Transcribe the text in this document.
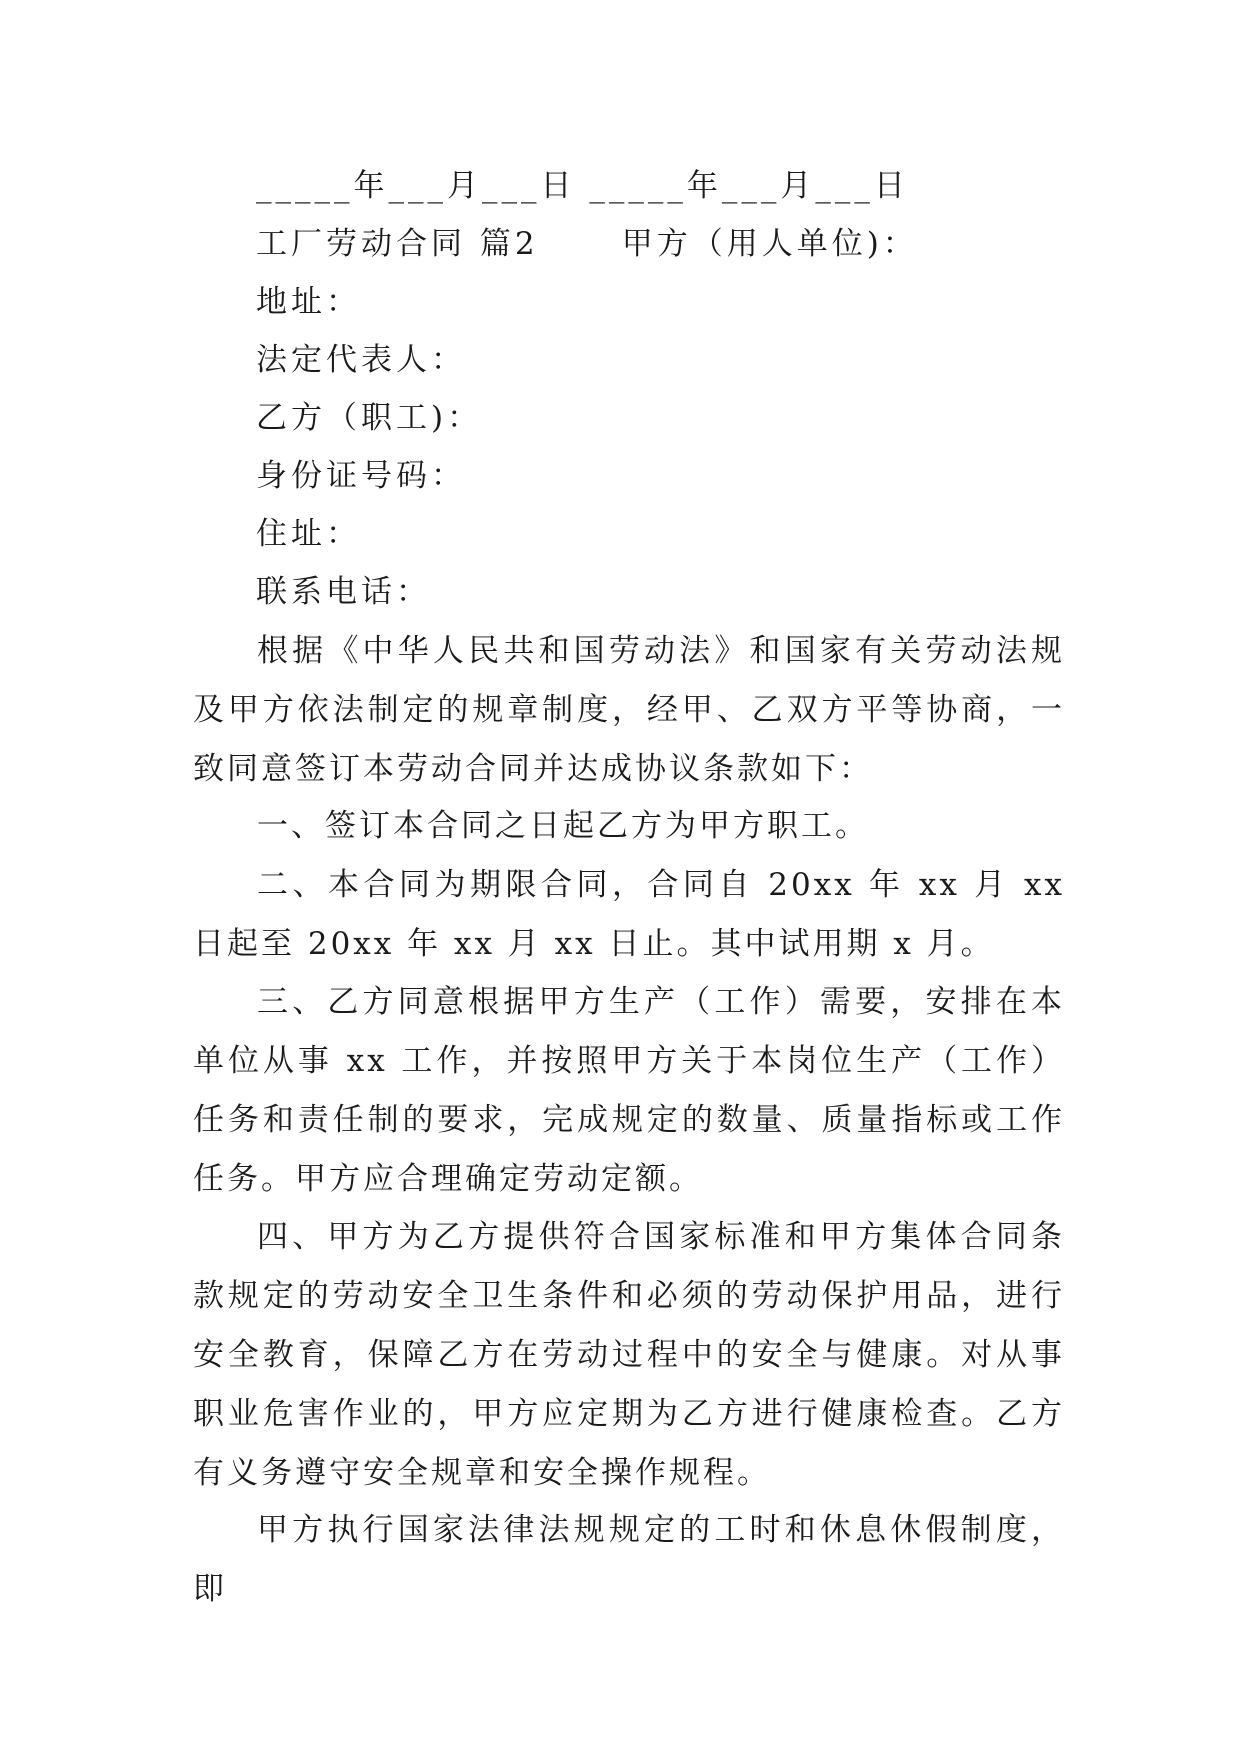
_____年___月___日 _____年___月___日
工厂劳动合同 篇2      甲方（用人单位)：
地址：
法定代表人：
乙方（职工)：
身份证号码：
住址：
联系电话：
根据《中华人民共和国劳动法》和国家有关劳动法规及甲方依法制定的规章制度，经甲、乙双方平等协商，一致同意签订本劳动合同并达成协议条款如下：
一、签订本合同之日起乙方为甲方职工。
二、本合同为期限合同，合同自 20xx 年 xx 月 xx 日起至 20xx 年 xx 月 xx 日止。其中试用期 x 月。
三、乙方同意根据甲方生产（工作）需要，安排在本单位从事 xx 工作，并按照甲方关于本岗位生产（工作）任务和责任制的要求，完成规定的数量、质量指标或工作任务。甲方应合理确定劳动定额。
四、甲方为乙方提供符合国家标准和甲方集体合同条款规定的劳动安全卫生条件和必须的劳动保护用品，进行安全教育，保障乙方在劳动过程中的安全与健康。对从事职业危害作业的，甲方应定期为乙方进行健康检查。乙方有义务遵守安全规章和安全操作规程。
甲方执行国家法律法规规定的工时和休息休假制度，即
